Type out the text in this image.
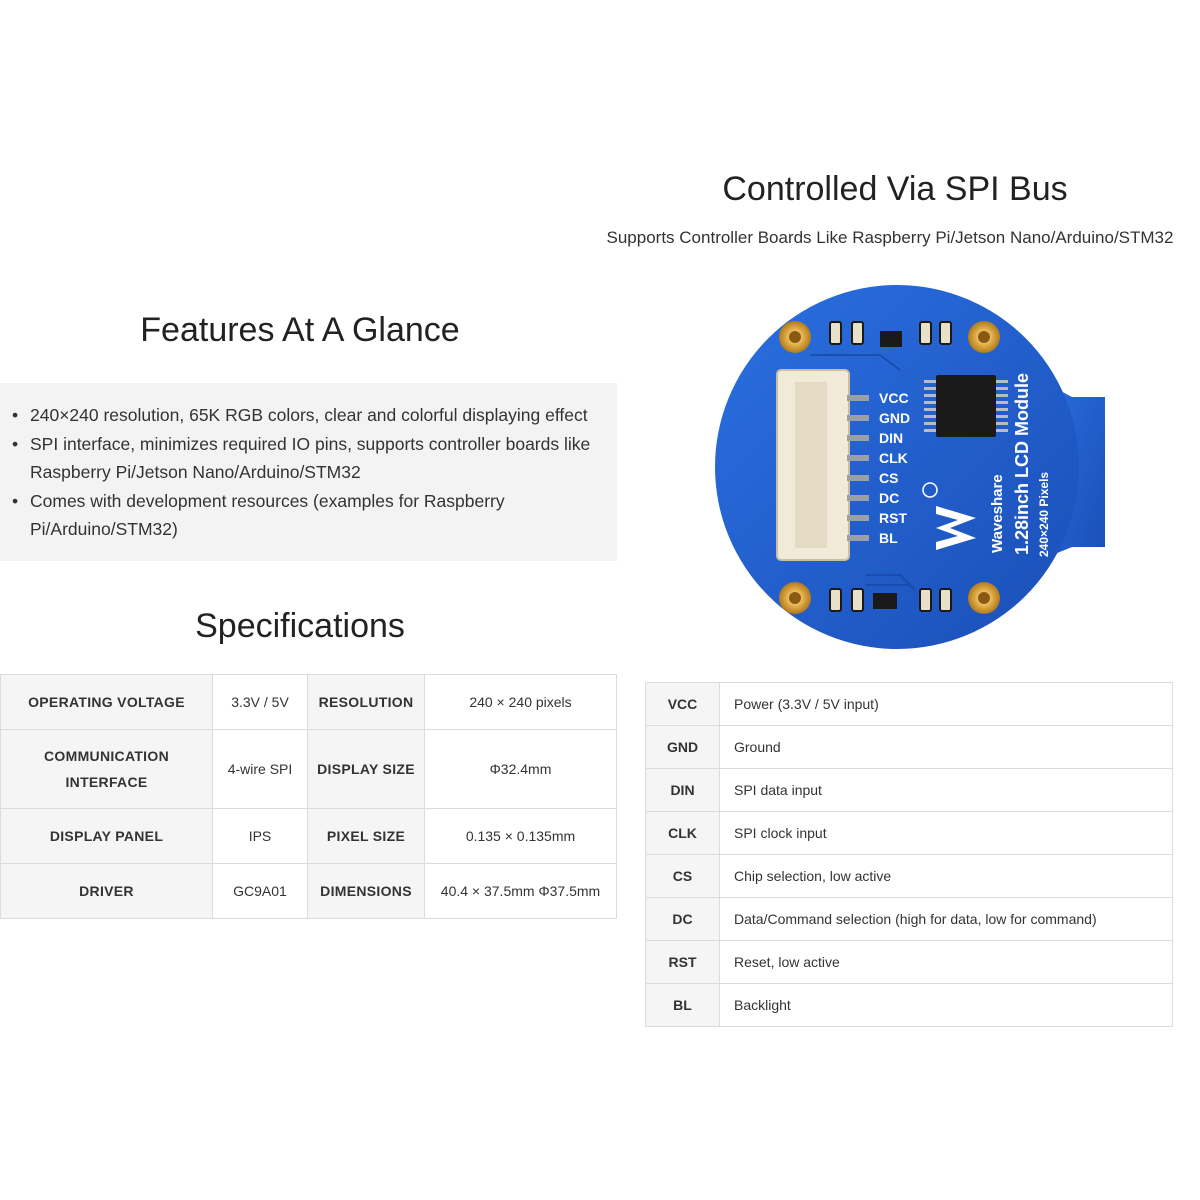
Controlled Via SPI Bus
Supports Controller Boards Like Raspberry Pi/Jetson Nano/Arduino/STM32
Features At A Glance
• 240×240 resolution, 65K RGB colors, clear and colorful displaying effect
• SPI interface, minimizes required IO pins, supports controller boards like Raspberry Pi/Jetson Nano/Arduino/STM32
• Comes with development resources (examples for Raspberry Pi/Arduino/STM32)
Specifications
OPERATING VOLTAGE	3.3V / 5V	RESOLUTION	240 × 240 pixels
COMMUNICATION INTERFACE	4-wire SPI	DISPLAY SIZE	Φ32.4mm
DISPLAY PANEL	IPS	PIXEL SIZE	0.135 × 0.135mm
DRIVER	GC9A01	DIMENSIONS	40.4 × 37.5mm Φ37.5mm
VCC	Power (3.3V / 5V input)
GND	Ground
DIN	SPI data input
CLK	SPI clock input
CS	Chip selection, low active
DC	Data/Command selection (high for data, low for command)
RST	Reset, low active
BL	Backlight
VCC
GND
DIN
CLK
CS
DC
RST
BL	Waveshare 1.28inch LCD Module 240×240 Pixels
